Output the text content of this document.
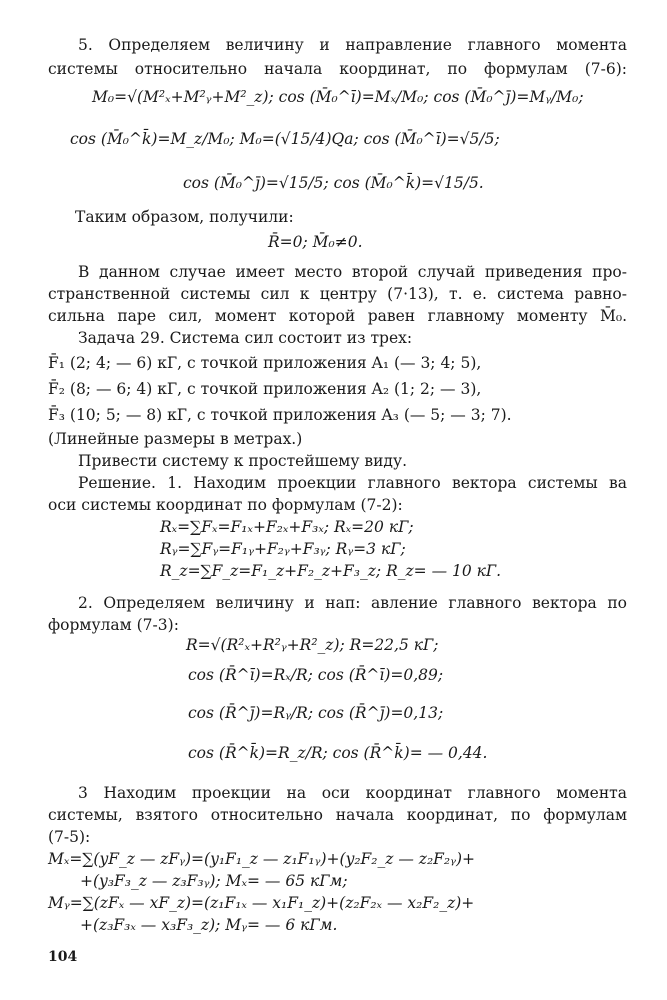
5. Определяем величину и направление главного момента
системы относительно начала координат, по формулам (7-6):
M₀=√(M²ₓ+M²ᵧ+M²_z); cos (M̄₀^ī)=Mₓ/M₀; cos (M̄₀^j̄)=Mᵧ/M₀;
cos (M̄₀^k̄)=M_z/M₀; M₀=(√15/4)Qa; cos (M̄₀^ī)=√5/5;
cos (M̄₀^j̄)=√15/5; cos (M̄₀^k̄)=√15/5.
Таким образом, получили:
R̄=0; M̄₀≠0.
В данном случае имеет место второй случай приведения про-
странственной системы сил к центру (7·13), т. е. система равно-
сильна паре сил, момент которой равен главному моменту M̄₀.
Задача 29. Система сил состоит из трех:
F̄₁ (2; 4; — 6) кГ, с точкой приложения A₁ (— 3; 4; 5),
F̄₂ (8; — 6; 4) кГ, с точкой приложения A₂ (1; 2; — 3),
F̄₃ (10; 5; — 8) кГ, с точкой приложения A₃ (— 5; — 3; 7).
(Линейные размеры в метрах.)
Привести систему к простейшему виду.
Решение. 1. Находим проекции главного вектора системы ва
оси системы координат по формулам (7-2):
Rₓ=∑Fₓ=F₁ₓ+F₂ₓ+F₃ₓ; Rₓ=20 кГ;
Rᵧ=∑Fᵧ=F₁ᵧ+F₂ᵧ+F₃ᵧ; Rᵧ=3 кГ;
R_z=∑F_z=F₁_z+F₂_z+F₃_z; R_z= — 10 кГ.
2. Определяем величину и нап: авление главного вектора по
формулам (7-3):
R=√(R²ₓ+R²ᵧ+R²_z); R=22,5 кГ;
cos (R̄^ī)=Rₓ/R; cos (R̄^ī)=0,89;
cos (R̄^j̄)=Rᵧ/R; cos (R̄^j̄)=0,13;
cos (R̄^k̄)=R_z/R; cos (R̄^k̄)= — 0,44.
3 Находим проекции на оси координат главного момента
системы, взятого относительно начала координат, по формулам
(7-5):
Mₓ=∑(yF_z — zFᵧ)=(y₁F₁_z — z₁F₁ᵧ)+(y₂F₂_z — z₂F₂ᵧ)+
+(y₃F₃_z — z₃F₃ᵧ); Mₓ= — 65 кГм;
Mᵧ=∑(zFₓ — xF_z)=(z₁F₁ₓ — x₁F₁_z)+(z₂F₂ₓ — x₂F₂_z)+
+(z₃F₃ₓ — x₃F₃_z); Mᵧ= — 6 кГм.
104
